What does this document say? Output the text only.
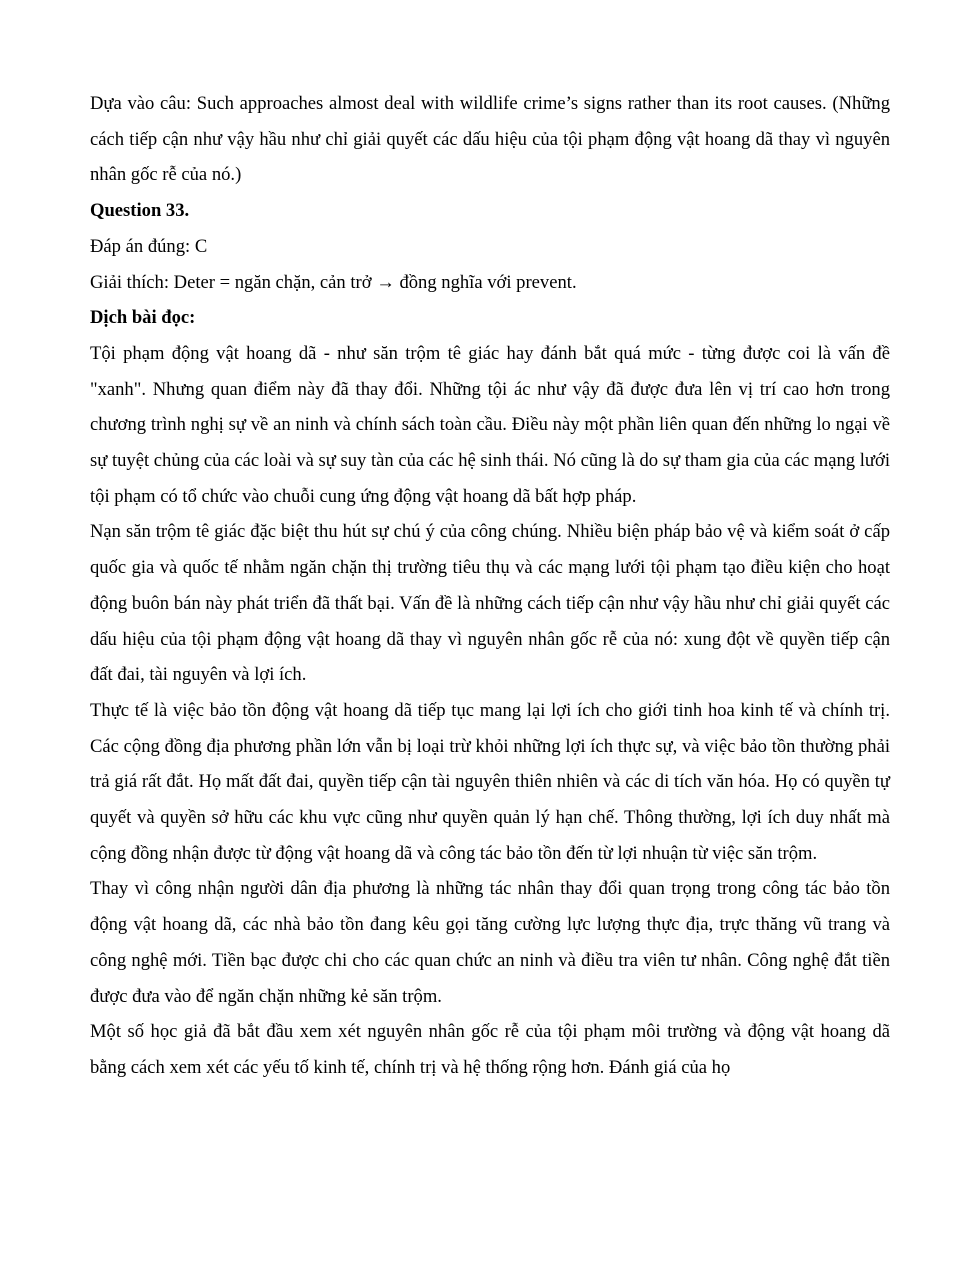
Dựa vào câu: Such approaches almost deal with wildlife crime’s signs rather than its root causes. (Những cách tiếp cận như vậy hầu như chỉ giải quyết các dấu hiệu của tội phạm động vật hoang dã thay vì nguyên nhân gốc rễ của nó.)

Question 33.

Đáp án đúng: C

Giải thích: Deter = ngăn chặn, cản trở → đồng nghĩa với prevent.

Dịch bài đọc:

Tội phạm động vật hoang dã - như săn trộm tê giác hay đánh bắt quá mức - từng được coi là vấn đề "xanh". Nhưng quan điểm này đã thay đổi. Những tội ác như vậy đã được đưa lên vị trí cao hơn trong chương trình nghị sự về an ninh và chính sách toàn cầu. Điều này một phần liên quan đến những lo ngại về sự tuyệt chủng của các loài và sự suy tàn của các hệ sinh thái. Nó cũng là do sự tham gia của các mạng lưới tội phạm có tổ chức vào chuỗi cung ứng động vật hoang dã bất hợp pháp.

Nạn săn trộm tê giác đặc biệt thu hút sự chú ý của công chúng. Nhiều biện pháp bảo vệ và kiểm soát ở cấp quốc gia và quốc tế nhằm ngăn chặn thị trường tiêu thụ và các mạng lưới tội phạm tạo điều kiện cho hoạt động buôn bán này phát triển đã thất bại. Vấn đề là những cách tiếp cận như vậy hầu như chỉ giải quyết các dấu hiệu của tội phạm động vật hoang dã thay vì nguyên nhân gốc rễ của nó: xung đột về quyền tiếp cận đất đai, tài nguyên và lợi ích.

Thực tế là việc bảo tồn động vật hoang dã tiếp tục mang lại lợi ích cho giới tinh hoa kinh tế và chính trị. Các cộng đồng địa phương phần lớn vẫn bị loại trừ khỏi những lợi ích thực sự, và việc bảo tồn thường phải trả giá rất đắt. Họ mất đất đai, quyền tiếp cận tài nguyên thiên nhiên và các di tích văn hóa. Họ có quyền tự quyết và quyền sở hữu các khu vực cũng như quyền quản lý hạn chế. Thông thường, lợi ích duy nhất mà cộng đồng nhận được từ động vật hoang dã và công tác bảo tồn đến từ lợi nhuận từ việc săn trộm.

Thay vì công nhận người dân địa phương là những tác nhân thay đổi quan trọng trong công tác bảo tồn động vật hoang dã, các nhà bảo tồn đang kêu gọi tăng cường lực lượng thực địa, trực thăng vũ trang và công nghệ mới. Tiền bạc được chi cho các quan chức an ninh và điều tra viên tư nhân. Công nghệ đắt tiền được đưa vào để ngăn chặn những kẻ săn trộm.

Một số học giả đã bắt đầu xem xét nguyên nhân gốc rễ của tội phạm môi trường và động vật hoang dã bằng cách xem xét các yếu tố kinh tế, chính trị và hệ thống rộng hơn. Đánh giá của họ
